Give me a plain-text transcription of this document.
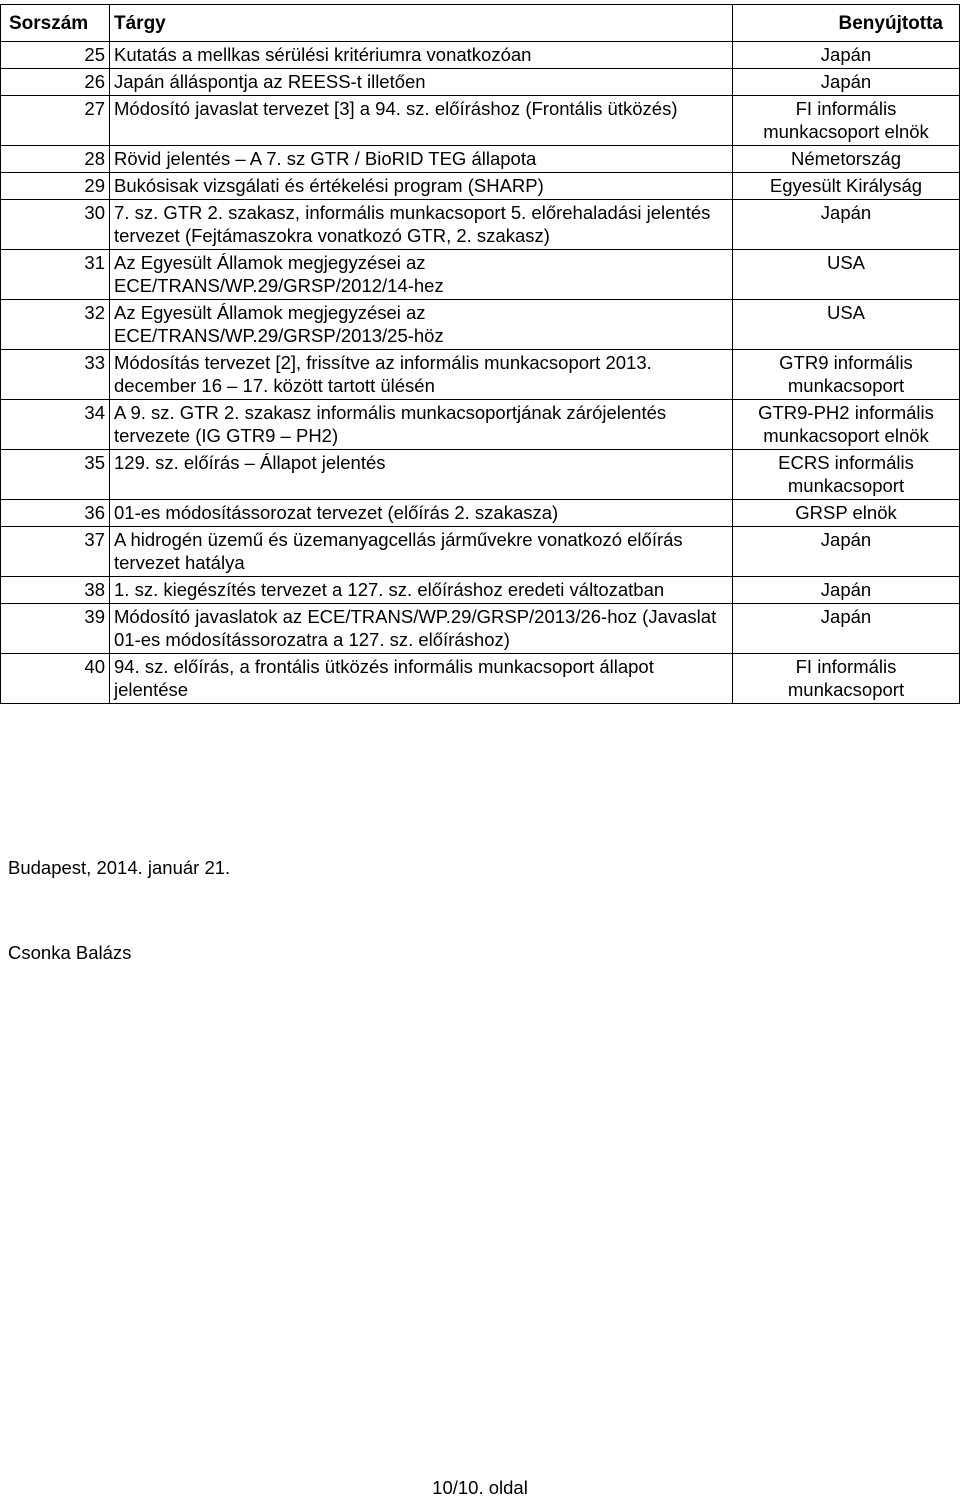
Sorszám	Tárgy	Benyújtotta
25	Kutatás a mellkas sérülési kritériumra vonatkozóan	Japán
26	Japán álláspontja az REESS-t illetően	Japán
27	Módosító javaslat tervezet [3] a 94. sz. előíráshoz (Frontális ütközés)	FI informális munkacsoport elnök
28	Rövid jelentés – A 7. sz GTR / BioRID TEG állapota	Németország
29	Bukósisak vizsgálati és értékelési program (SHARP)	Egyesült Királyság
30	7. sz. GTR 2. szakasz, informális munkacsoport 5. előrehaladási jelentés tervezet (Fejtámaszokra vonatkozó GTR, 2. szakasz)	Japán
31	Az Egyesült Államok megjegyzései az ECE/TRANS/WP.29/GRSP/2012/14-hez	USA
32	Az Egyesült Államok megjegyzései az ECE/TRANS/WP.29/GRSP/2013/25-höz	USA
33	Módosítás tervezet [2], frissítve az informális munkacsoport 2013. december 16 – 17. között tartott ülésén	GTR9 informális munkacsoport
34	A 9. sz. GTR 2. szakasz informális munkacsoportjának zárójelentés tervezete (IG GTR9 – PH2)	GTR9-PH2 informális munkacsoport elnök
35	129. sz. előírás – Állapot jelentés	ECRS informális munkacsoport
36	01-es módosítássorozat tervezet (előírás 2. szakasza)	GRSP elnök
37	A hidrogén üzemű és üzemanyagcellás járművekre vonatkozó előírás tervezet hatálya	Japán
38	1. sz. kiegészítés tervezet a 127. sz. előíráshoz eredeti változatban	Japán
39	Módosító javaslatok az ECE/TRANS/WP.29/GRSP/2013/26-hoz (Javaslat 01-es módosítássorozatra a 127. sz. előíráshoz)	Japán
40	94. sz. előírás, a frontális ütközés informális munkacsoport állapot jelentése	FI informális munkacsoport
Budapest, 2014. január 21.
Csonka Balázs
10/10. oldal
